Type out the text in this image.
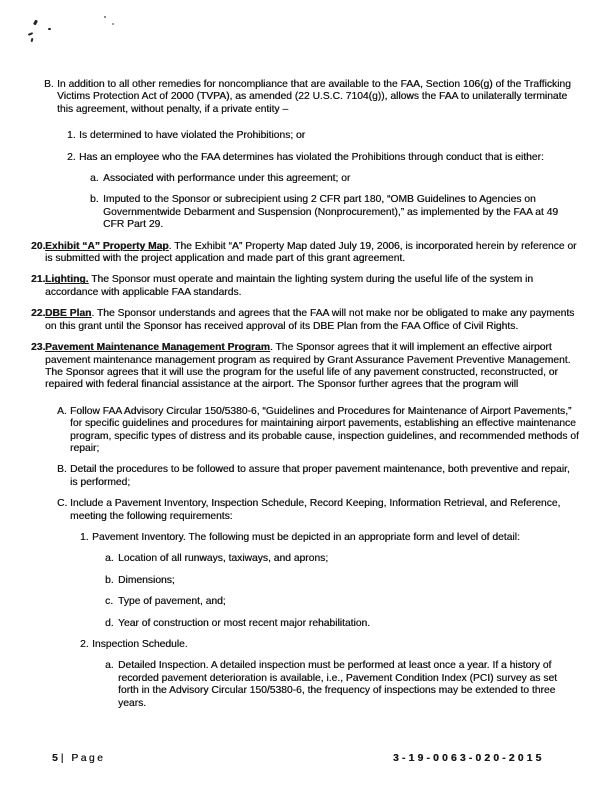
B. In addition to all other remedies for noncompliance that are available to the FAA, Section 106(g) of the Trafficking Victims Protection Act of 2000 (TVPA), as amended (22 U.S.C. 7104(g)), allows the FAA to unilaterally terminate this agreement, without penalty, if a private entity –
1. Is determined to have violated the Prohibitions; or
2. Has an employee who the FAA determines has violated the Prohibitions through conduct that is either:
a. Associated with performance under this agreement; or
b. Imputed to the Sponsor or subrecipient using 2 CFR part 180, “OMB Guidelines to Agencies on Governmentwide Debarment and Suspension (Nonprocurement),” as implemented by the FAA at 49 CFR Part 29.
20. Exhibit “A” Property Map. The Exhibit “A” Property Map dated July 19, 2006, is incorporated herein by reference or is submitted with the project application and made part of this grant agreement.
21. Lighting. The Sponsor must operate and maintain the lighting system during the useful life of the system in accordance with applicable FAA standards.
22. DBE Plan. The Sponsor understands and agrees that the FAA will not make nor be obligated to make any payments on this grant until the Sponsor has received approval of its DBE Plan from the FAA Office of Civil Rights.
23. Pavement Maintenance Management Program. The Sponsor agrees that it will implement an effective airport pavement maintenance management program as required by Grant Assurance Pavement Preventive Management. The Sponsor agrees that it will use the program for the useful life of any pavement constructed, reconstructed, or repaired with federal financial assistance at the airport. The Sponsor further agrees that the program will
A. Follow FAA Advisory Circular 150/5380-6, “Guidelines and Procedures for Maintenance of Airport Pavements,” for specific guidelines and procedures for maintaining airport pavements, establishing an effective maintenance program, specific types of distress and its probable cause, inspection guidelines, and recommended methods of repair;
B. Detail the procedures to be followed to assure that proper pavement maintenance, both preventive and repair, is performed;
C. Include a Pavement Inventory, Inspection Schedule, Record Keeping, Information Retrieval, and Reference, meeting the following requirements:
1. Pavement Inventory. The following must be depicted in an appropriate form and level of detail:
a. Location of all runways, taxiways, and aprons;
b. Dimensions;
c. Type of pavement, and;
d. Year of construction or most recent major rehabilitation.
2. Inspection Schedule.
a. Detailed Inspection. A detailed inspection must be performed at least once a year. If a history of recorded pavement deterioration is available, i.e., Pavement Condition Index (PCI) survey as set forth in the Advisory Circular 150/5380-6, the frequency of inspections may be extended to three years.
5 | Page	3-19-0063-020-2015
